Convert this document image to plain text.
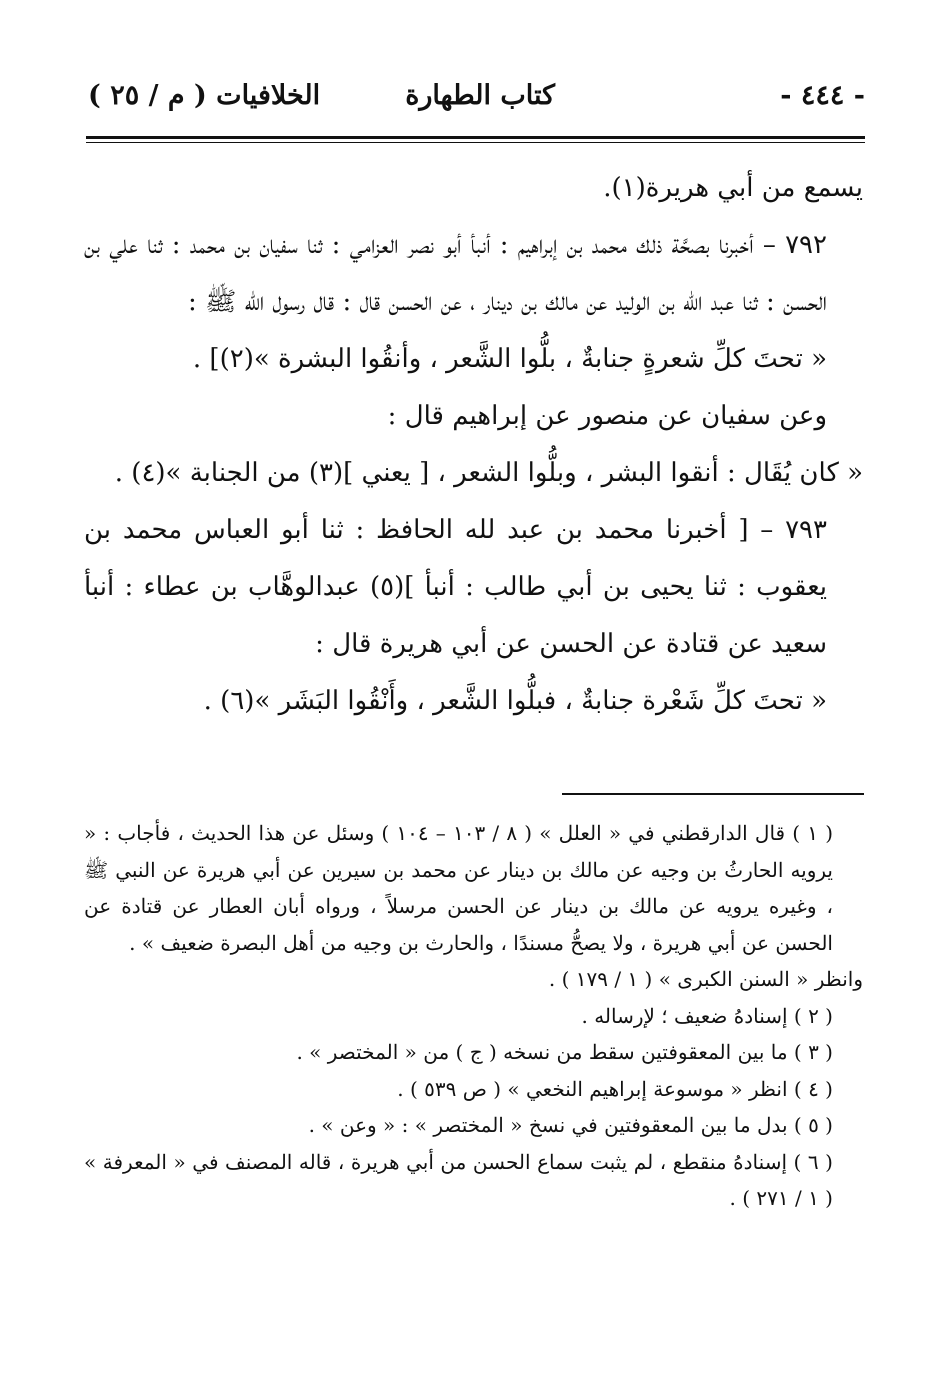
- ٤٤٤ -
كتاب الطهارة
الخلافيات ( م / ٢٥ )

يسمع من أبي هريرة(١).

٧٩٢ – أخبرنا بصحَّة ذلك محمد بن إبراهيم : أنبأ أبو نصر العزامي : ثنا سفيان بن محمد : ثنا علي بن الحسن : ثنا عبد الله بن الوليد عن مالك بن دينار ، عن الحسن قال : قال رسول الله ﷺ :

« تحتَ كلِّ شعرةٍ جنابةٌ ، بلُّوا الشَّعر ، وأنقُوا البشرة »(٢)] .

وعن سفيان عن منصور عن إبراهيم قال :

« كان يُقَال : أنقوا البشر ، وبلُّوا الشعر ، [ يعني ](٣) من الجنابة »(٤) .

٧٩٣ – [ أخبرنا محمد بن عبد لله الحافظ : ثنا أبو العباس محمد بن يعقوب : ثنا يحيى بن أبي طالب : أنبأ ](٥) عبدالوهَّاب بن عطاء : أنبأ سعيد عن قتادة عن الحسن عن أبي هريرة قال :

« تحتَ كلِّ شَعْرة جنابةٌ ، فبلُّوا الشَّعر ، وأَنْقُوا البَشَر »(٦) .

( ١ ) قال الدارقطني في « العلل » ( ٨ / ١٠٣ – ١٠٤ ) وسئل عن هذا الحديث ، فأجاب : « يرويه الحارثُ بن وجيه عن مالك بن دينار عن محمد بن سيرين عن أبي هريرة عن النبي ﷺ ، وغيره يرويه عن مالك بن دينار عن الحسن مرسلاً ، ورواه أبان العطار عن قتادة عن الحسن عن أبي هريرة ، ولا يصحُّ مسندًا ، والحارث بن وجيه من أهل البصرة ضعيف » .

وانظر « السنن الكبرى » ( ١ / ١٧٩ ) .

( ٢ ) إسنادهُ ضعيف ؛ لإرساله .

( ٣ ) ما بين المعقوفتين سقط من نسخه ( ج ) من « المختصر » .

( ٤ ) انظر « موسوعة إبراهيم النخعي » ( ص ٥٣٩ ) .

( ٥ ) بدل ما بين المعقوفتين في نسخ « المختصر » : « وعن » .

( ٦ ) إسنادهُ منقطع ، لم يثبت سماع الحسن من أبي هريرة ، قاله المصنف في « المعرفة » ( ١ / ٢٧١ ) .
